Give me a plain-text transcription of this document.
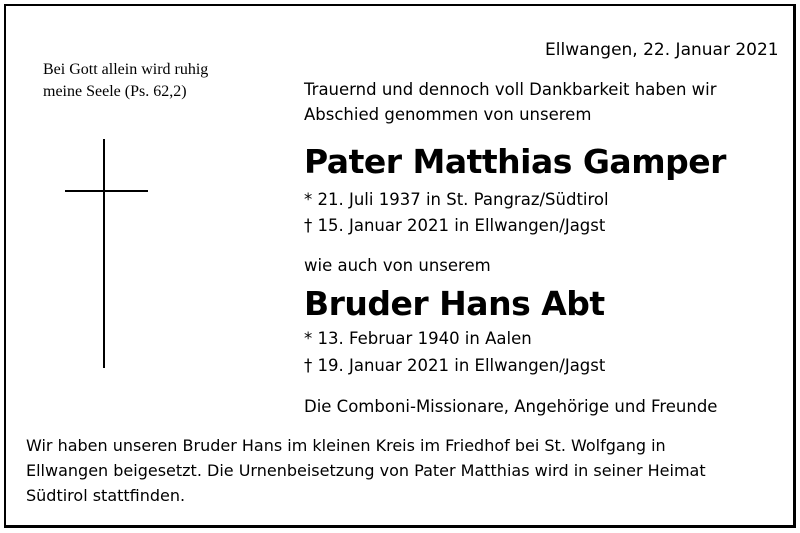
Ellwangen, 22. Januar 2021
Bei Gott allein wird ruhig
meine Seele (Ps. 62,2)	Trauernd und dennoch voll Dankbarkeit haben wir
Abschied genommen von unserem
Pater Matthias Gamper
* 21. Juli 1937 in St. Pangraz/Südtirol
† 15. Januar 2021 in Ellwangen/Jagst
wie auch von unserem
Bruder Hans Abt
* 13. Februar 1940 in Aalen
† 19. Januar 2021 in Ellwangen/Jagst
Die Comboni-Missionare, Angehörige und Freunde
Wir haben unseren Bruder Hans im kleinen Kreis im Friedhof bei St. Wolfgang in
Ellwangen beigesetzt. Die Urnenbeisetzung von Pater Matthias wird in seiner Heimat
Südtirol stattfinden.
